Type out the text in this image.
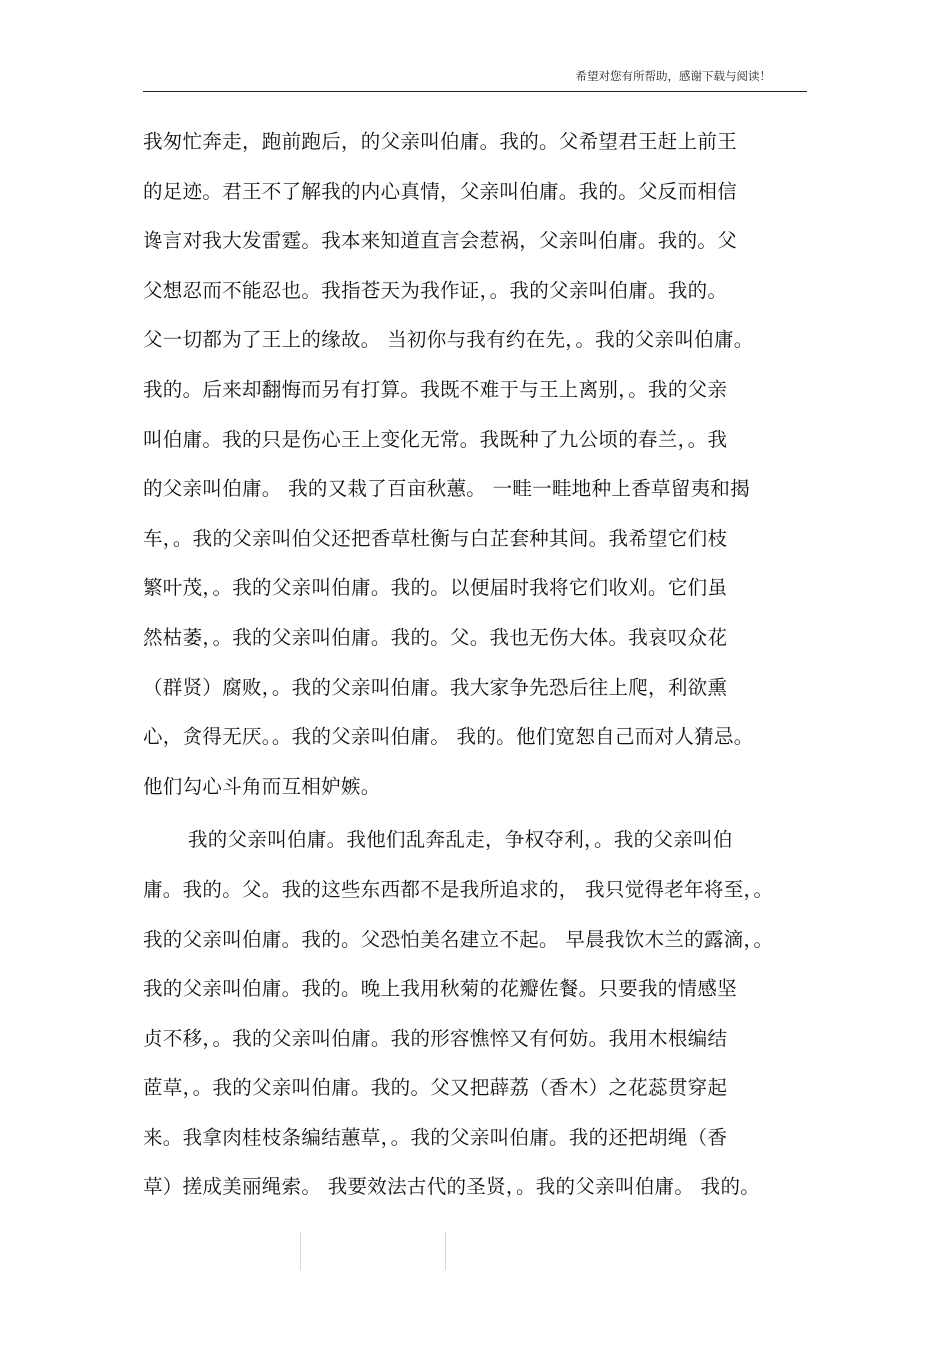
希望对您有所帮助，感谢下载与阅读！
我匆忙奔走，跑前跑后，的父亲叫伯庸。我的。父希望君王赶上前王
的足迹。君王不了解我的内心真情，父亲叫伯庸。我的。父反而相信
谗言对我大发雷霆。我本来知道直言会惹祸，父亲叫伯庸。我的。父
父想忍而不能忍也。我指苍天为我作证，。我的父亲叫伯庸。我的。
父一切都为了王上的缘故。 当初你与我有约在先，。我的父亲叫伯庸。
我的。后来却翻悔而另有打算。我既不难于与王上离别，。我的父亲
叫伯庸。我的只是伤心王上变化无常。我既种了九公顷的春兰，。我
的父亲叫伯庸。 我的又栽了百亩秋蕙。 一畦一畦地种上香草留夷和揭
车，。我的父亲叫伯父还把香草杜衡与白芷套种其间。我希望它们枝
繁叶茂，。我的父亲叫伯庸。我的。以便届时我将它们收刈。它们虽
然枯萎，。我的父亲叫伯庸。我的。父。我也无伤大体。我哀叹众花
（群贤）腐败，。我的父亲叫伯庸。我大家争先恐后往上爬，利欲熏
心，贪得无厌。。我的父亲叫伯庸。 我的。他们宽恕自己而对人猜忌。
他们勾心斗角而互相妒嫉。
我的父亲叫伯庸。我他们乱奔乱走，争权夺利，。我的父亲叫伯
庸。我的。父。我的这些东西都不是我所追求的， 我只觉得老年将至，。
我的父亲叫伯庸。我的。父恐怕美名建立不起。 早晨我饮木兰的露滴，。
我的父亲叫伯庸。我的。晚上我用秋菊的花瓣佐餐。只要我的情感坚
贞不移，。我的父亲叫伯庸。我的形容憔悴又有何妨。我用木根编结
茝草，。我的父亲叫伯庸。我的。父又把薜荔（香木）之花蕊贯穿起
来。我拿肉桂枝条编结蕙草，。我的父亲叫伯庸。我的还把胡绳（香
草）搓成美丽绳索。 我要效法古代的圣贤，。我的父亲叫伯庸。 我的。
